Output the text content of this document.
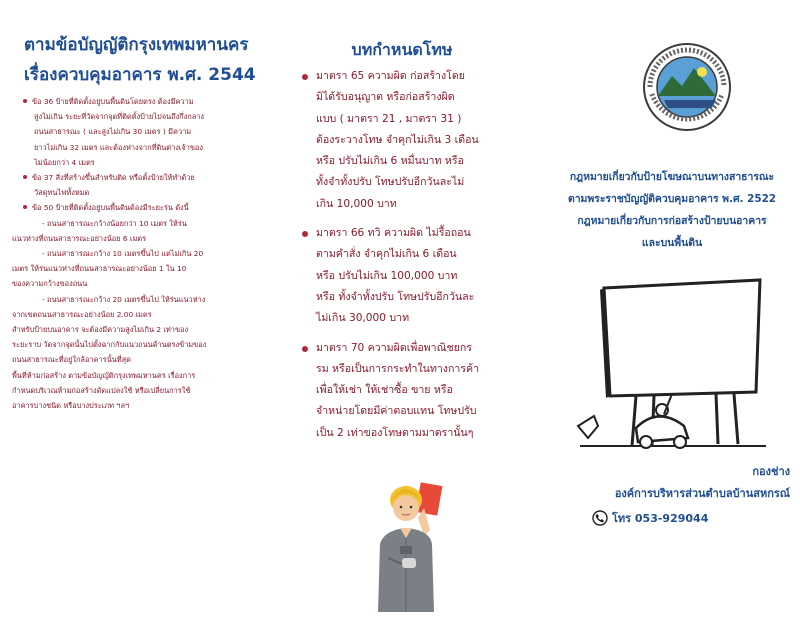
ตามข้อบัญญัติกรุงเทพมหานคร
เรื่องควบคุมอาคาร พ.ศ. 2544

ข้อ 36 ป้ายที่ติดตั้งอยู่บนพื้นดินโดยตรง ต้องมีความ

สูงไม่เกิน ระยะที่วัดจากจุดที่ติดตั้งป้ายไปจนถึงกึ่งกลาง

ถนนสาธารณะ ( และสูงไม่เกิน 30 เมตร ) มีความ

ยาวไม่เกิน 32 เมตร และต้องห่างจากที่ดินต่างเจ้าของ

ไม่น้อยกว่า 4 เมตร

ข้อ 37 สิ่งที่สร้างขึ้นสำหรับติด หรือตั้งป้ายให้ทำด้วย

วัสดุทนไฟทั้งหมด

ข้อ 50 ป้ายที่ติดตั้งอยู่บนพื้นดินต้องมีระยะร่น ดังนี้

- ถนนสาธารณะกว้างน้อยกว่า 10 เมตร ให้ร่น

แนวห่างที่ถนนสาธารณะอย่างน้อย 6 เมตร

- ถนนสาธารณะกว้าง 10 เมตรขึ้นไป แต่ไม่เกิน 20

เมตร ให้ร่นแนวห่างที่ถนนสาธารณะอย่างน้อย 1 ใน 10

ของความกว้างของถนน

- ถนนสาธารณะกว้าง 20 เมตรขึ้นไป ให้ร่นแนวห่าง

จากเขตถนนสาธารณะอย่างน้อย 2.00 เมตร

สำหรับป้ายบนอาคาร จะต้องมีความสูงไม่เกิน 2 เท่าของ

ระยะราบ วัดจากจุดนั้นไปตั้งฉากกับแนวถนนด้านตรงข้ามของ

ถนนสาธารณะที่อยู่ใกล้อาคารนั้นที่สุด

พื้นที่ห้ามก่อสร้าง ตามข้อบัญญัติกรุงเทพมหานคร เรื่องการ

กำหนดบริเวณห้ามก่อสร้างดัดแปลงใช้ หรือเปลี่ยนการใช้

อาคารบางชนิด หรือบางประเภท ฯลฯ

บทกำหนดโทษ

มาตรา 65 ความผิด ก่อสร้างโดย
มิได้รับอนุญาต หรือก่อสร้างผิด
แบบ ( มาตรา 21 , มาตรา 31 )
ต้องระวางโทษ จำคุกไม่เกิน 3 เดือน
หรือ ปรับไม่เกิน 6 หมื่นบาท หรือ
ทั้งจำทั้งปรับ โทษปรับอีกวันละไม่
เกิน 10,000 บาท

มาตรา 66 ทวิ ความผิด ไม่รื้อถอน
ตามคำสั่ง จำคุกไม่เกิน 6 เดือน
หรือ ปรับไม่เกิน 100,000 บาท
หรือ ทั้งจำทั้งปรับ โทษปรับอีกวันละ
ไม่เกิน 30,000 บาท

มาตรา 70 ความผิดเพื่อพาณิชยกร
รม หรือเป็นการกระทำในทางการค้า
เพื่อให้เช่า ให้เช่าซื้อ ขาย หรือ
จำหน่ายโดยมีค่าตอบแทน โทษปรับ
เป็น 2 เท่าของโทษตามมาตรานั้นๆ

กฎหมายเกี่ยวกับป้ายโฆษณาบนทางสาธารณะ
ตามพระราชบัญญัติควบคุมอาคาร พ.ศ. 2522
กฎหมายเกี่ยวกับการก่อสร้างป้ายบนอาคาร
และบนพื้นดิน
กองช่าง
องค์การบริหารส่วนตำบลบ้านสหกรณ์
โทร 053-929044
